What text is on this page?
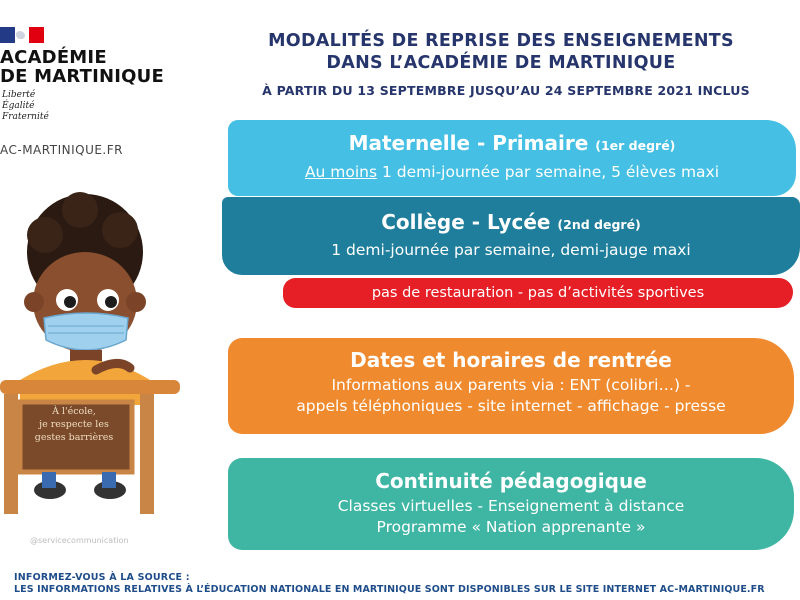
ACADÉMIE
DE MARTINIQUE
Liberté
Égalité
Fraternité
AC-MARTINIQUE.FR
MODALITÉS DE REPRISE DES ENSEIGNEMENTS
DANS L’ACADÉMIE DE MARTINIQUE
À PARTIR DU 13 SEPTEMBRE JUSQU’AU 24 SEPTEMBRE 2021 INCLUS
Maternelle - Primaire (1er degré)
Au moins 1 demi-journée par semaine, 5 élèves maxi
Collège - Lycée (2nd degré)
1 demi-journée par semaine, demi-jauge maxi
pas de restauration - pas d’activités sportives
Dates et horaires de rentrée
Informations aux parents via : ENT (colibri…) -
appels téléphoniques - site internet - affichage - presse
Continuité pédagogique
Classes virtuelles - Enseignement à distance
Programme « Nation apprenante »
À l'école,
je respecte les
gestes barrières
@servicecommunication
INFORMEZ-VOUS À LA SOURCE :
LES INFORMATIONS RELATIVES À L’ÉDUCATION NATIONALE EN MARTINIQUE SONT DISPONIBLES SUR LE SITE INTERNET AC-MARTINIQUE.FR
